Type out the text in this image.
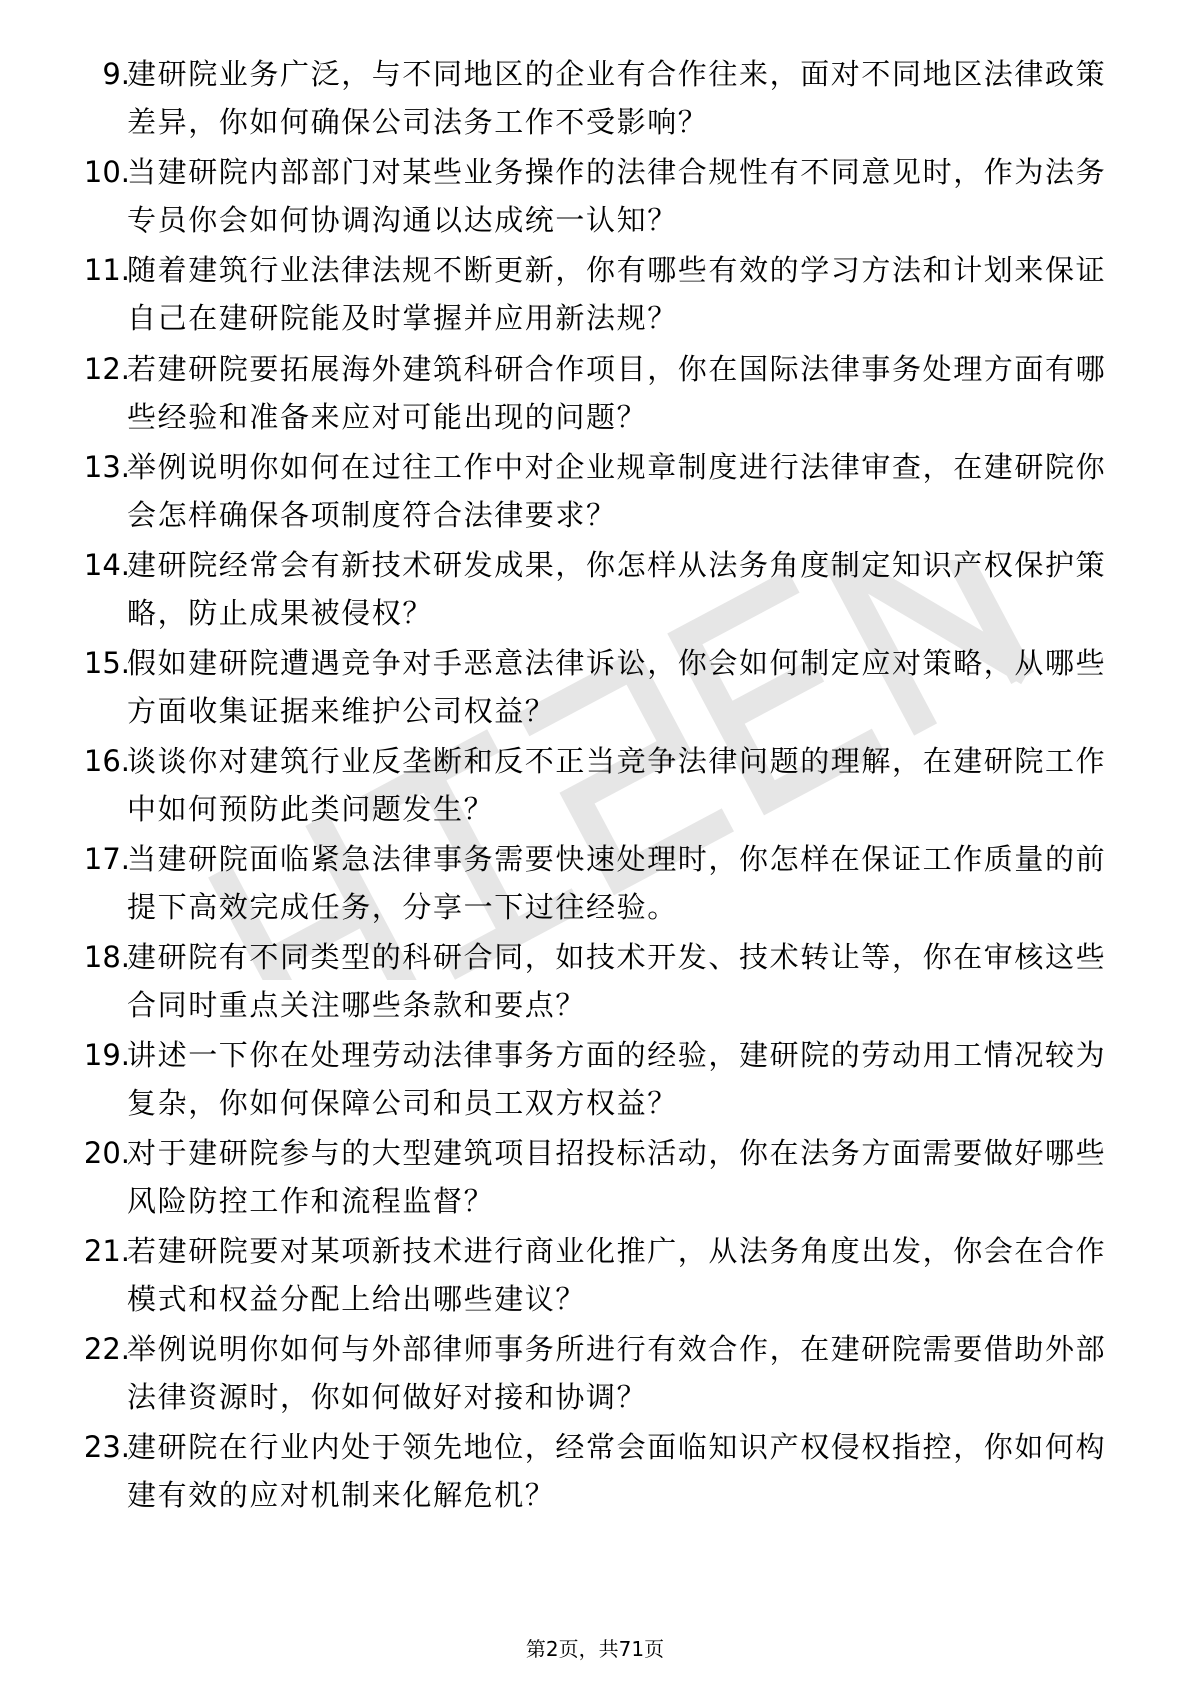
9.

建研院业务广泛，与不同地区的企业有合作往来，面对不同地区法律政策差异，你如何确保公司法务工作不受影响？

10.

当建研院内部部门对某些业务操作的法律合规性有不同意见时，作为法务专员你会如何协调沟通以达成统一认知？

11.

随着建筑行业法律法规不断更新，你有哪些有效的学习方法和计划来保证自己在建研院能及时掌握并应用新法规？

12.

若建研院要拓展海外建筑科研合作项目，你在国际法律事务处理方面有哪些经验和准备来应对可能出现的问题？

13.

举例说明你如何在过往工作中对企业规章制度进行法律审查，在建研院你会怎样确保各项制度符合法律要求？

14.

建研院经常会有新技术研发成果，你怎样从法务角度制定知识产权保护策略，防止成果被侵权？

15.

假如建研院遭遇竞争对手恶意法律诉讼，你会如何制定应对策略，从哪些方面收集证据来维护公司权益？

16.

谈谈你对建筑行业反垄断和反不正当竞争法律问题的理解，在建研院工作中如何预防此类问题发生？

17.

当建研院面临紧急法律事务需要快速处理时，你怎样在保证工作质量的前提下高效完成任务，分享一下过往经验。

18.

建研院有不同类型的科研合同，如技术开发、技术转让等，你在审核这些合同时重点关注哪些条款和要点？

19.

讲述一下你在处理劳动法律事务方面的经验，建研院的劳动用工情况较为复杂，你如何保障公司和员工双方权益？

20.

对于建研院参与的大型建筑项目招投标活动，你在法务方面需要做好哪些风险防控工作和流程监督？

21.

若建研院要对某项新技术进行商业化推广，从法务角度出发，你会在合作模式和权益分配上给出哪些建议？

22.

举例说明你如何与外部律师事务所进行有效合作，在建研院需要借助外部法律资源时，你如何做好对接和协调？

23.

建研院在行业内处于领先地位，经常会面临知识产权侵权指控，你如何构建有效的应对机制来化解危机？

第2页，共71页
